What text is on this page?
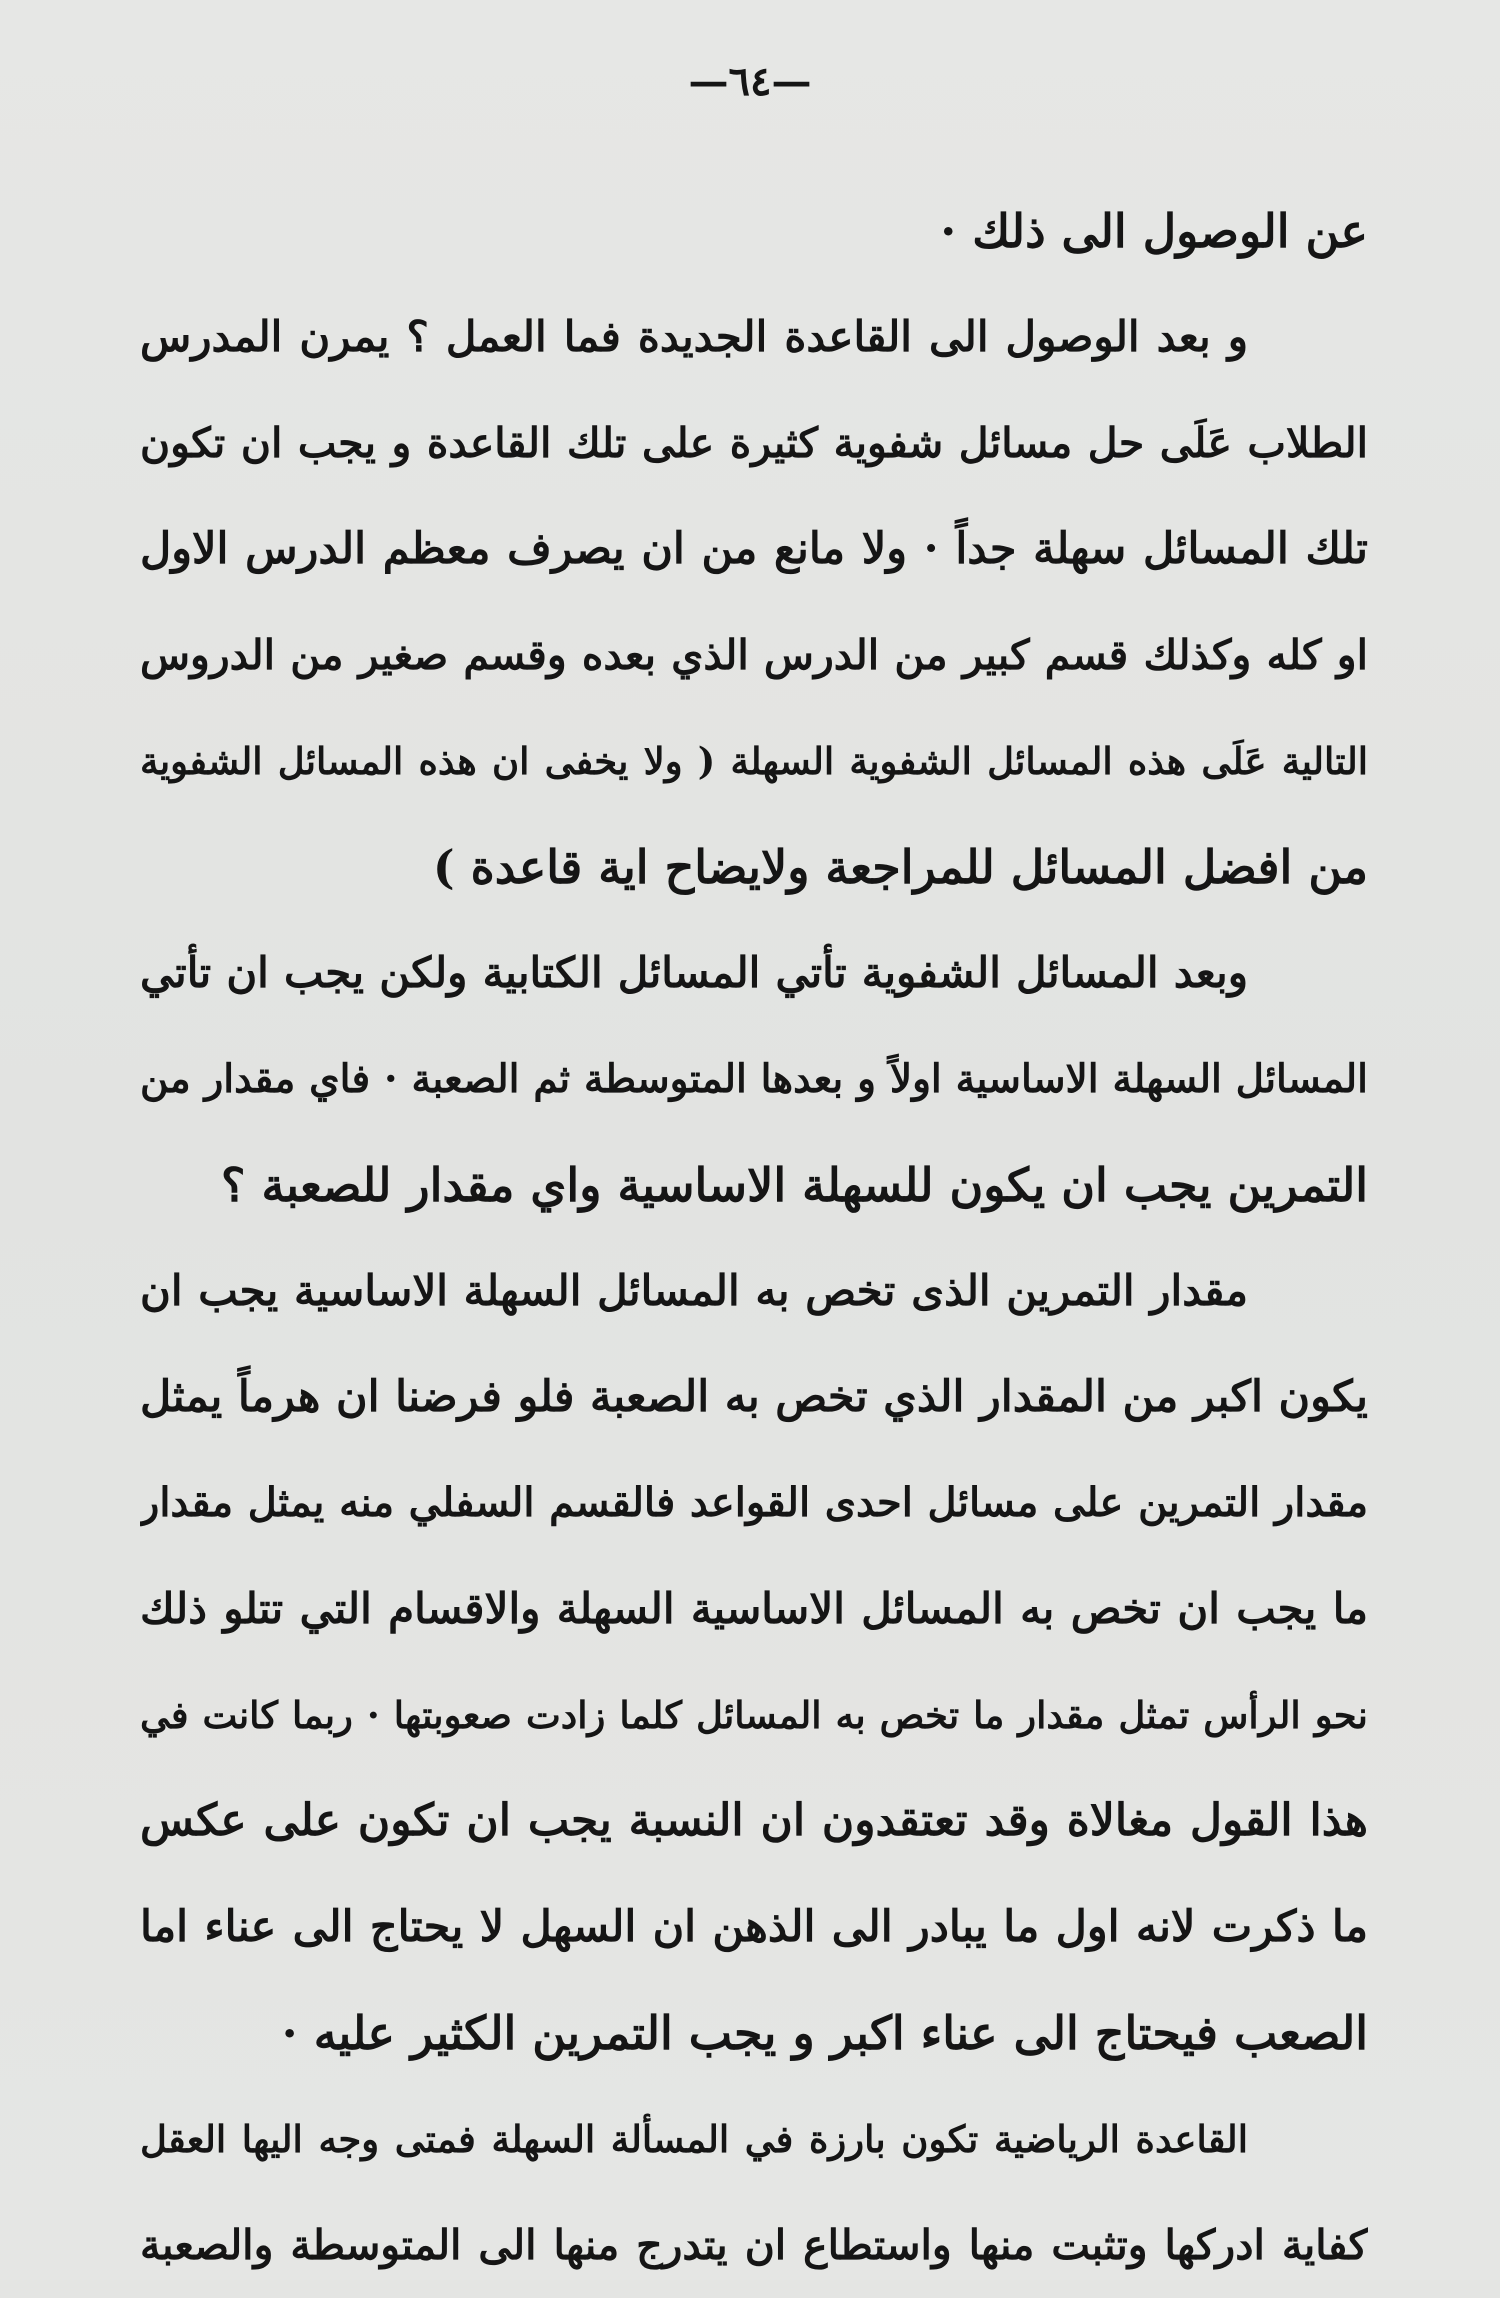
—٦٤—
عن الوصول الى ذلك ·
و بعد الوصول الى القاعدة الجديدة فما العمل ؟ يمرن المدرس
الطلاب عَلَى حل مسائل شفوية كثيرة على تلك القاعدة و يجب ان تكون
تلك المسائل سهلة جداً · ولا مانع من ان يصرف معظم الدرس الاول
او كله وكذلك قسم كبير من الدرس الذي بعده وقسم صغير من الدروس
التالية عَلَى هذه المسائل الشفوية السهلة ( ولا يخفى ان هذه المسائل الشفوية
من افضل المسائل للمراجعة ولايضاح اية قاعدة )
وبعد المسائل الشفوية تأتي المسائل الكتابية ولكن يجب ان تأتي
المسائل السهلة الاساسية اولاً و بعدها المتوسطة ثم الصعبة · فاي مقدار من
التمرين يجب ان يكون للسهلة الاساسية واي مقدار للصعبة ؟
مقدار التمرين الذى تخص به المسائل السهلة الاساسية يجب ان
يكون اكبر من المقدار الذي تخص به الصعبة فلو فرضنا ان هرماً يمثل
مقدار التمرين على مسائل احدى القواعد فالقسم السفلي منه يمثل مقدار
ما يجب ان تخص به المسائل الاساسية السهلة والاقسام التي تتلو ذلك
نحو الرأس تمثل مقدار ما تخص به المسائل كلما زادت صعوبتها · ربما كانت في
هذا القول مغالاة وقد تعتقدون ان النسبة يجب ان تكون على عكس
ما ذكرت لانه اول ما يبادر الى الذهن ان السهل لا يحتاج الى عناء اما
الصعب فيحتاج الى عناء اكبر و يجب التمرين الكثير عليه ·
القاعدة الرياضية تكون بارزة في المسألة السهلة فمتى وجه اليها العقل
كفاية ادركها وتثبت منها واستطاع ان يتدرج منها الى المتوسطة والصعبة
